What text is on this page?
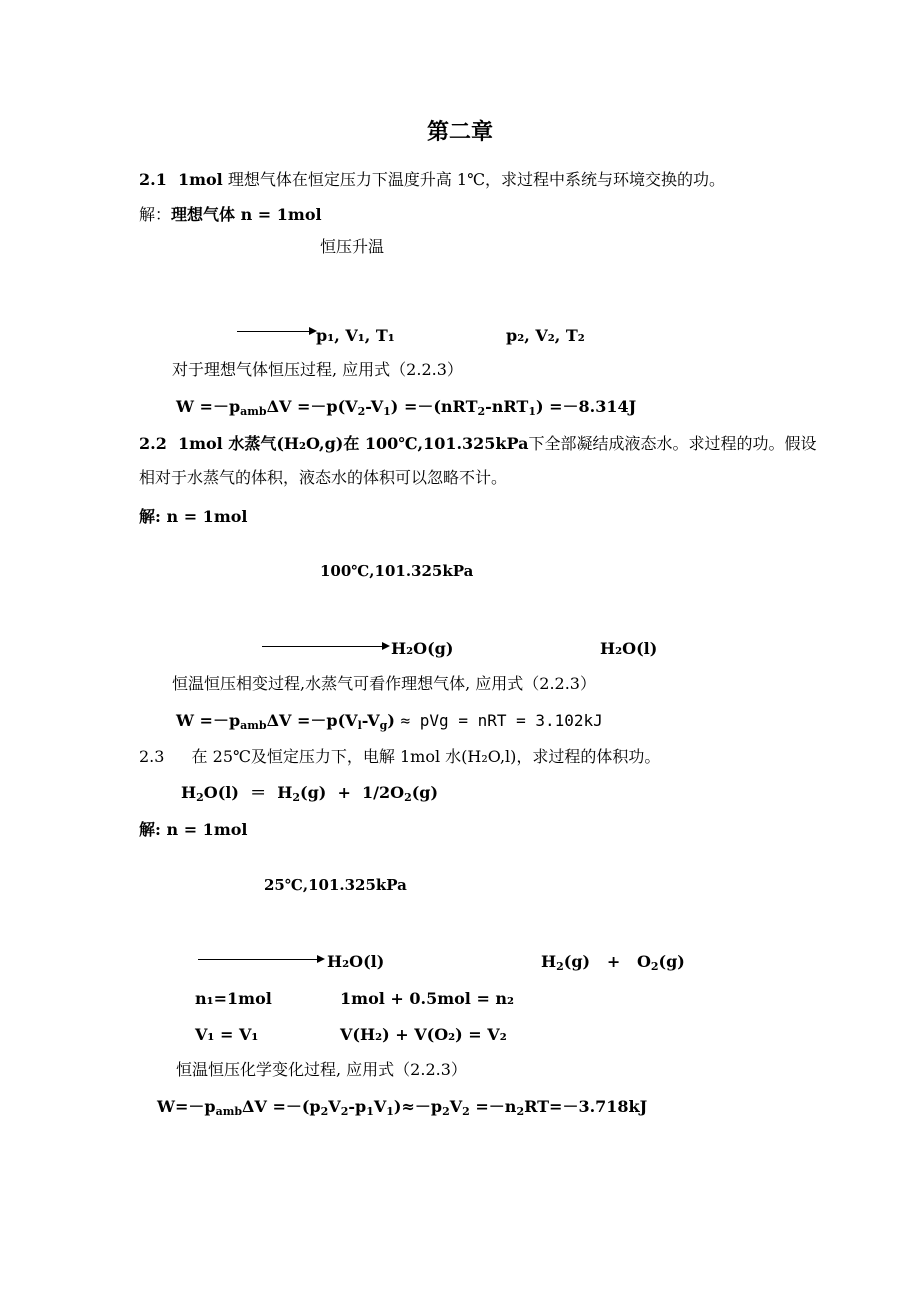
第二章
2.1 1mol 理想气体在恒定压力下温度升高 1℃，求过程中系统与环境交换的功。
解：理想气体 n = 1mol
恒压升温
p₁, V₁, T₁	p₂, V₂, T₂
对于理想气体恒压过程, 应用式（2.2.3）
$W =-p_{amb}\Delta V =-p(V_2-V_1) =-(nRT_2-nRT_1) =-8.314J$
2.2 1mol 水蒸气(H₂O,g)在 100℃,101.325kPa下全部凝结成液态水。求过程的功。假设
相对于水蒸气的体积，液态水的体积可以忽略不计。
解: n = 1mol
100℃,101.325kPa
H₂O(g)	H₂O(l)
恒温恒压相变过程,水蒸气可看作理想气体, 应用式（2.2.3）
$W =-p_{amb}\Delta V =-p(V_l-V_g)$ ≈ pVg = nRT = 3.102kJ
2.3 在 25℃及恒定压力下，电解 1mol 水(H₂O,l)，求过程的体积功。
$H_2O(l) = H_2(g) + 1/2O_2(g)$
解: n = 1mol
25℃,101.325kPa
H₂O(l)	$H_2(g) + O_2(g)$
n₁=1mol	1mol + 0.5mol = n₂
V₁ = V₁	V(H₂) + V(O₂) = V₂
恒温恒压化学变化过程, 应用式（2.2.3）
$W=-p_{amb}\Delta V =-(p_2V_2-p_1V_1)\approx-p_2V_2 =-n_2RT=-3.718kJ$
